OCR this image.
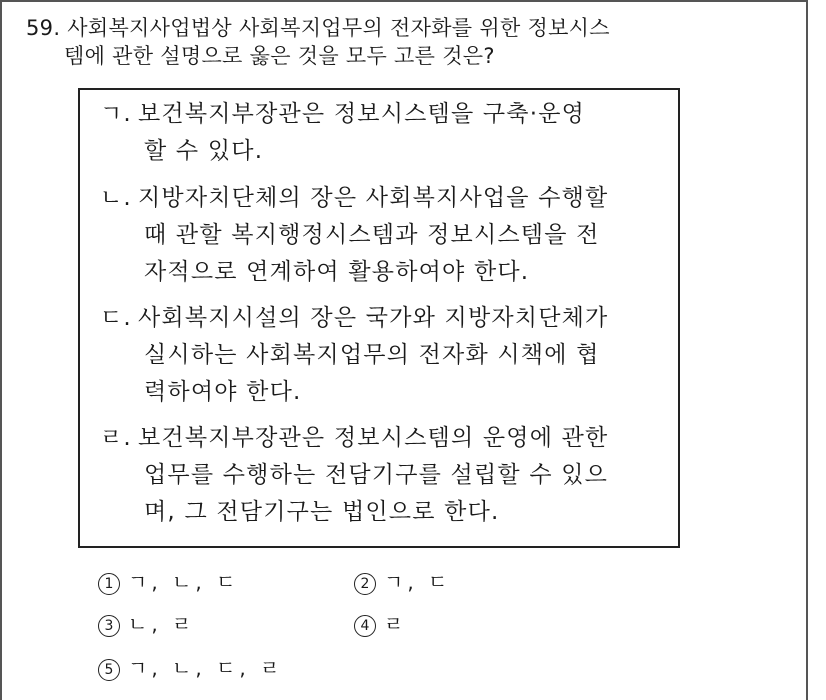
59. 사회복지사업법상 사회복지업무의 전자화를 위한 정보시스
템에 관한 설명으로 옳은 것을 모두 고른 것은?
ㄱ. 보건복지부장관은 정보시스템을 구축·운영
할 수 있다.
ㄴ. 지방자치단체의 장은 사회복지사업을 수행할
때 관할 복지행정시스템과 정보시스템을 전
자적으로 연계하여 활용하여야 한다.
ㄷ. 사회복지시설의 장은 국가와 지방자치단체가
실시하는 사회복지업무의 전자화 시책에 협
력하여야 한다.
ㄹ. 보건복지부장관은 정보시스템의 운영에 관한
업무를 수행하는 전담기구를 설립할 수 있으
며, 그 전담기구는 법인으로 한다.
1 ㄱ, ㄴ, ㄷ	2 ㄱ, ㄷ
3 ㄴ, ㄹ	4 ㄹ
5 ㄱ, ㄴ, ㄷ, ㄹ
